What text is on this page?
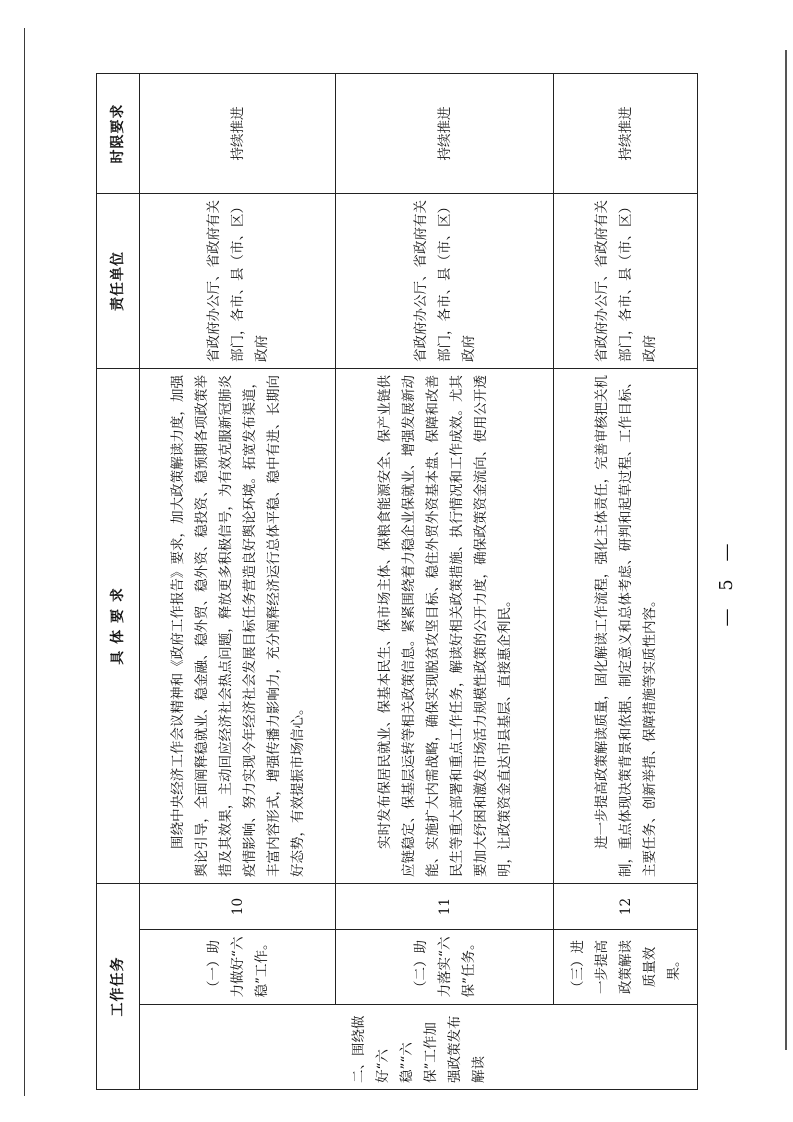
工作任务			具 体 要 求	责任单位	时限要求
二、围绕做好“六稳”“六保”工作加强政策发布解读	（一）助力做好“六稳”工作。	10	围绕中央经济工作会议精神和《政府工作报告》要求，加大政策解读力度，加强舆论引导，全面阐释稳就业、稳金融、稳外贸、稳外资、稳投资、稳预期各项政策举措及其效果，主动回应经济社会热点问题，释放更多积极信号，为有效克服新冠肺炎疫情影响、努力实现今年经济社会发展目标任务营造良好舆论环境。拓宽发布渠道，丰富内容形式，增强传播力影响力，充分阐释经济运行总体平稳、稳中有进、长期向好态势，有效提振市场信心。	省政府办公厅、省政府有关部门，各市、县（市、区）政府	持续推进
	（二）助力落实“六保”任务。	11	实时发布保居民就业、保基本民生、保市场主体、保粮食能源安全、保产业链供应链稳定、保基层运转等相关政策信息。紧紧围绕着力稳企业保就业、增强发展新动能、实施扩大内需战略，确保实现脱贫攻坚目标、稳住外贸外资基本盘、保障和改善民生等重大部署和重点工作任务，解读好相关政策措施、执行情况和工作成效。尤其要加大纾困和激发市场活力规模性政策的公开力度，确保政策资金流向、使用公开透明，让政策资金直达市县基层、直接惠企利民。	省政府办公厅、省政府有关部门，各市、县（市、区）政府	持续推进
	（三）进一步提高政策解读质量效果。	12	进一步提高政策解读质量，固化解读工作流程，强化主体责任，完善审核把关机制，重点体现决策背景和依据、制定意义和总体考虑、研判和起草过程、工作目标、主要任务、创新举措、保障措施等实质性内容。	省政府办公厅、省政府有关部门，各市、县（市、区）政府	持续推进
— 5 —
